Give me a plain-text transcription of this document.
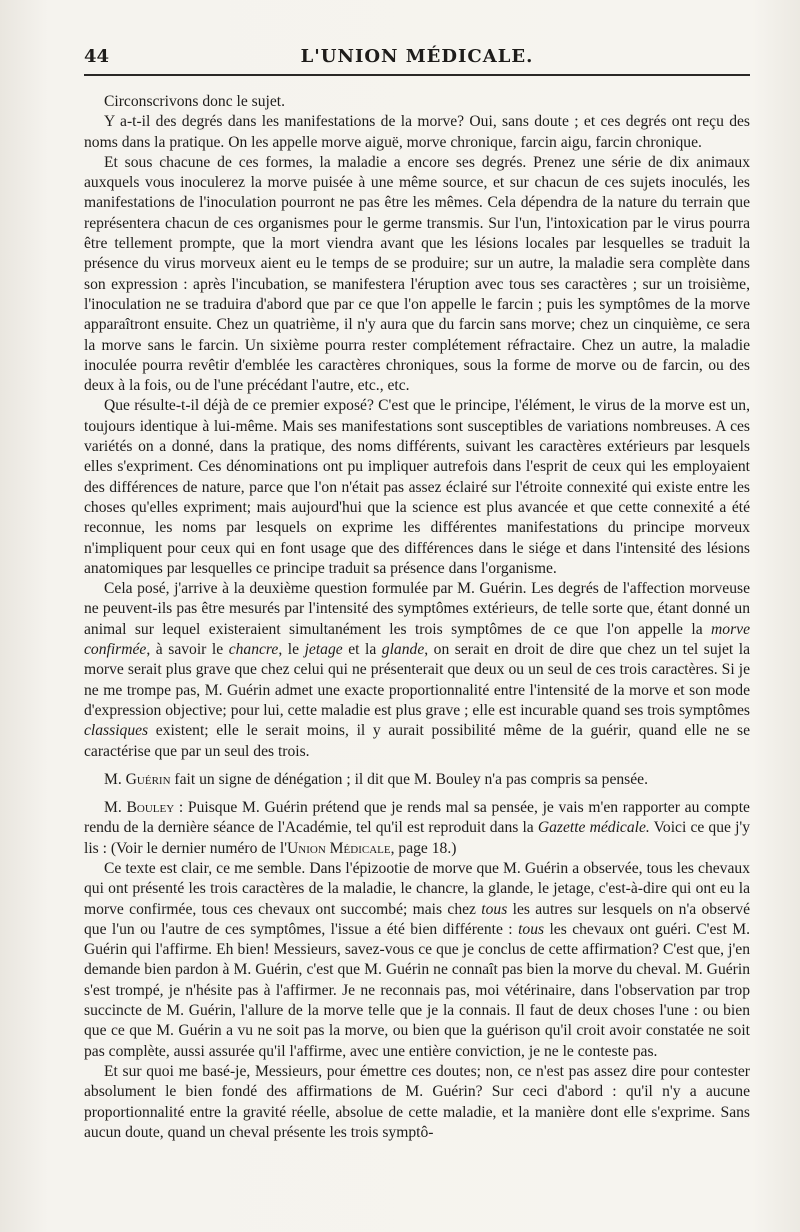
44	L'UNION MÉDICALE.

Circonscrivons donc le sujet.

Y a-t-il des degrés dans les manifestations de la morve? Oui, sans doute ; et ces degrés ont reçu des noms dans la pratique. On les appelle morve aiguë, morve chronique, farcin aigu, farcin chronique.

Et sous chacune de ces formes, la maladie a encore ses degrés. Prenez une série de dix animaux auxquels vous inoculerez la morve puisée à une même source, et sur chacun de ces sujets inoculés, les manifestations de l'inoculation pourront ne pas être les mêmes. Cela dépendra de la nature du terrain que représentera chacun de ces organismes pour le germe transmis. Sur l'un, l'intoxication par le virus pourra être tellement prompte, que la mort viendra avant que les lésions locales par lesquelles se traduit la présence du virus morveux aient eu le temps de se produire; sur un autre, la maladie sera complète dans son expression : après l'incubation, se manifestera l'éruption avec tous ses caractères ; sur un troisième, l'inoculation ne se traduira d'abord que par ce que l'on appelle le farcin ; puis les symptômes de la morve apparaîtront ensuite. Chez un quatrième, il n'y aura que du farcin sans morve; chez un cinquième, ce sera la morve sans le farcin. Un sixième pourra rester complétement réfractaire. Chez un autre, la maladie inoculée pourra revêtir d'emblée les caractères chroniques, sous la forme de morve ou de farcin, ou des deux à la fois, ou de l'une précédant l'autre, etc., etc.

Que résulte-t-il déjà de ce premier exposé? C'est que le principe, l'élément, le virus de la morve est un, toujours identique à lui-même. Mais ses manifestations sont susceptibles de variations nombreuses. A ces variétés on a donné, dans la pratique, des noms différents, suivant les caractères extérieurs par lesquels elles s'expriment. Ces dénominations ont pu impliquer autrefois dans l'esprit de ceux qui les employaient des différences de nature, parce que l'on n'était pas assez éclairé sur l'étroite connexité qui existe entre les choses qu'elles expriment; mais aujourd'hui que la science est plus avancée et que cette connexité a été reconnue, les noms par lesquels on exprime les différentes manifestations du principe morveux n'impliquent pour ceux qui en font usage que des différences dans le siége et dans l'intensité des lésions anatomiques par lesquelles ce principe traduit sa présence dans l'organisme.

Cela posé, j'arrive à la deuxième question formulée par M. Guérin. Les degrés de l'affection morveuse ne peuvent-ils pas être mesurés par l'intensité des symptômes extérieurs, de telle sorte que, étant donné un animal sur lequel existeraient simultanément les trois symptômes de ce que l'on appelle la morve confirmée, à savoir le chancre, le jetage et la glande, on serait en droit de dire que chez un tel sujet la morve serait plus grave que chez celui qui ne présenterait que deux ou un seul de ces trois caractères. Si je ne me trompe pas, M. Guérin admet une exacte proportionnalité entre l'intensité de la morve et son mode d'expression objective; pour lui, cette maladie est plus grave ; elle est incurable quand ses trois symptômes classiques existent; elle le serait moins, il y aurait possibilité même de la guérir, quand elle ne se caractérise que par un seul des trois.

M. Guérin fait un signe de dénégation ; il dit que M. Bouley n'a pas compris sa pensée.

M. Bouley : Puisque M. Guérin prétend que je rends mal sa pensée, je vais m'en rapporter au compte rendu de la dernière séance de l'Académie, tel qu'il est reproduit dans la Gazette médicale. Voici ce que j'y lis : (Voir le dernier numéro de l'Union Médicale, page 18.)

Ce texte est clair, ce me semble. Dans l'épizootie de morve que M. Guérin a observée, tous les chevaux qui ont présenté les trois caractères de la maladie, le chancre, la glande, le jetage, c'est-à-dire qui ont eu la morve confirmée, tous ces chevaux ont succombé; mais chez tous les autres sur lesquels on n'a observé que l'un ou l'autre de ces symptômes, l'issue a été bien différente : tous les chevaux ont guéri. C'est M. Guérin qui l'affirme. Eh bien! Messieurs, savez-vous ce que je conclus de cette affirmation? C'est que, j'en demande bien pardon à M. Guérin, c'est que M. Guérin ne connaît pas bien la morve du cheval. M. Guérin s'est trompé, je n'hésite pas à l'affirmer. Je ne reconnais pas, moi vétérinaire, dans l'observation par trop succincte de M. Guérin, l'allure de la morve telle que je la connais. Il faut de deux choses l'une : ou bien que ce que M. Guérin a vu ne soit pas la morve, ou bien que la guérison qu'il croit avoir constatée ne soit pas complète, aussi assurée qu'il l'affirme, avec une entière conviction, je ne le conteste pas.

Et sur quoi me basé-je, Messieurs, pour émettre ces doutes; non, ce n'est pas assez dire pour contester absolument le bien fondé des affirmations de M. Guérin? Sur ceci d'abord : qu'il n'y a aucune proportionnalité entre la gravité réelle, absolue de cette maladie, et la manière dont elle s'exprime. Sans aucun doute, quand un cheval présente les trois symptô-
